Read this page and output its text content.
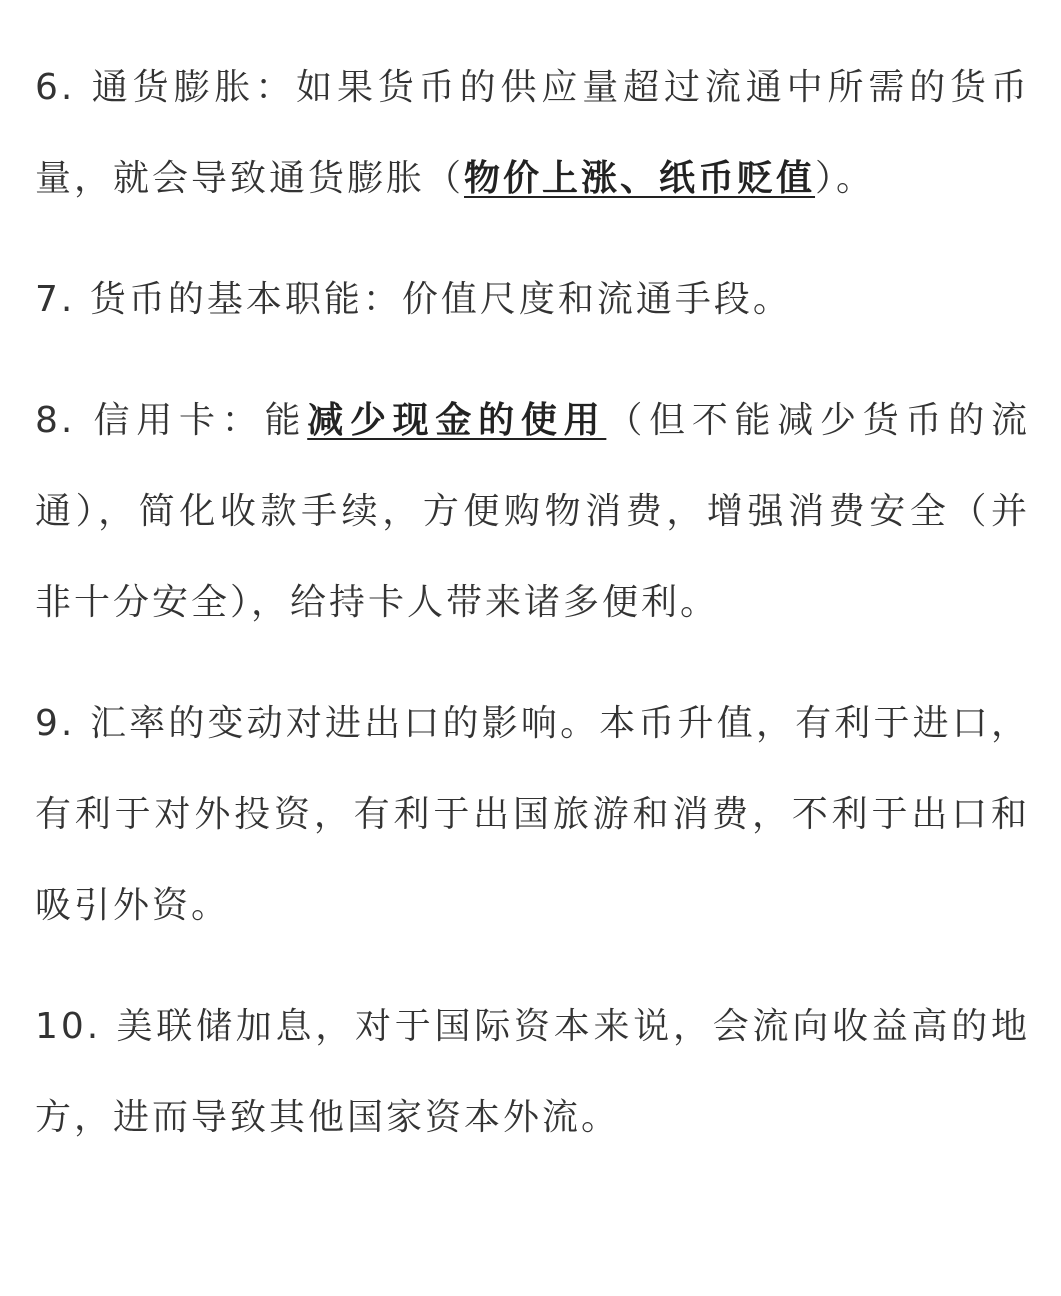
6. 通货膨胀：如果货币的供应量超过流通中所需的货币量，就会导致通货膨胀（物价上涨、纸币贬值）。

7. 货币的基本职能：价值尺度和流通手段。

8. 信用卡：能减少现金的使用（但不能减少货币的流通），简化收款手续，方便购物消费，增强消费安全（并非十分安全），给持卡人带来诸多便利。

9. 汇率的变动对进出口的影响。本币升值，有利于进口，有利于对外投资，有利于出国旅游和消费，不利于出口和吸引外资。

10. 美联储加息，对于国际资本来说，会流向收益高的地方，进而导致其他国家资本外流。
